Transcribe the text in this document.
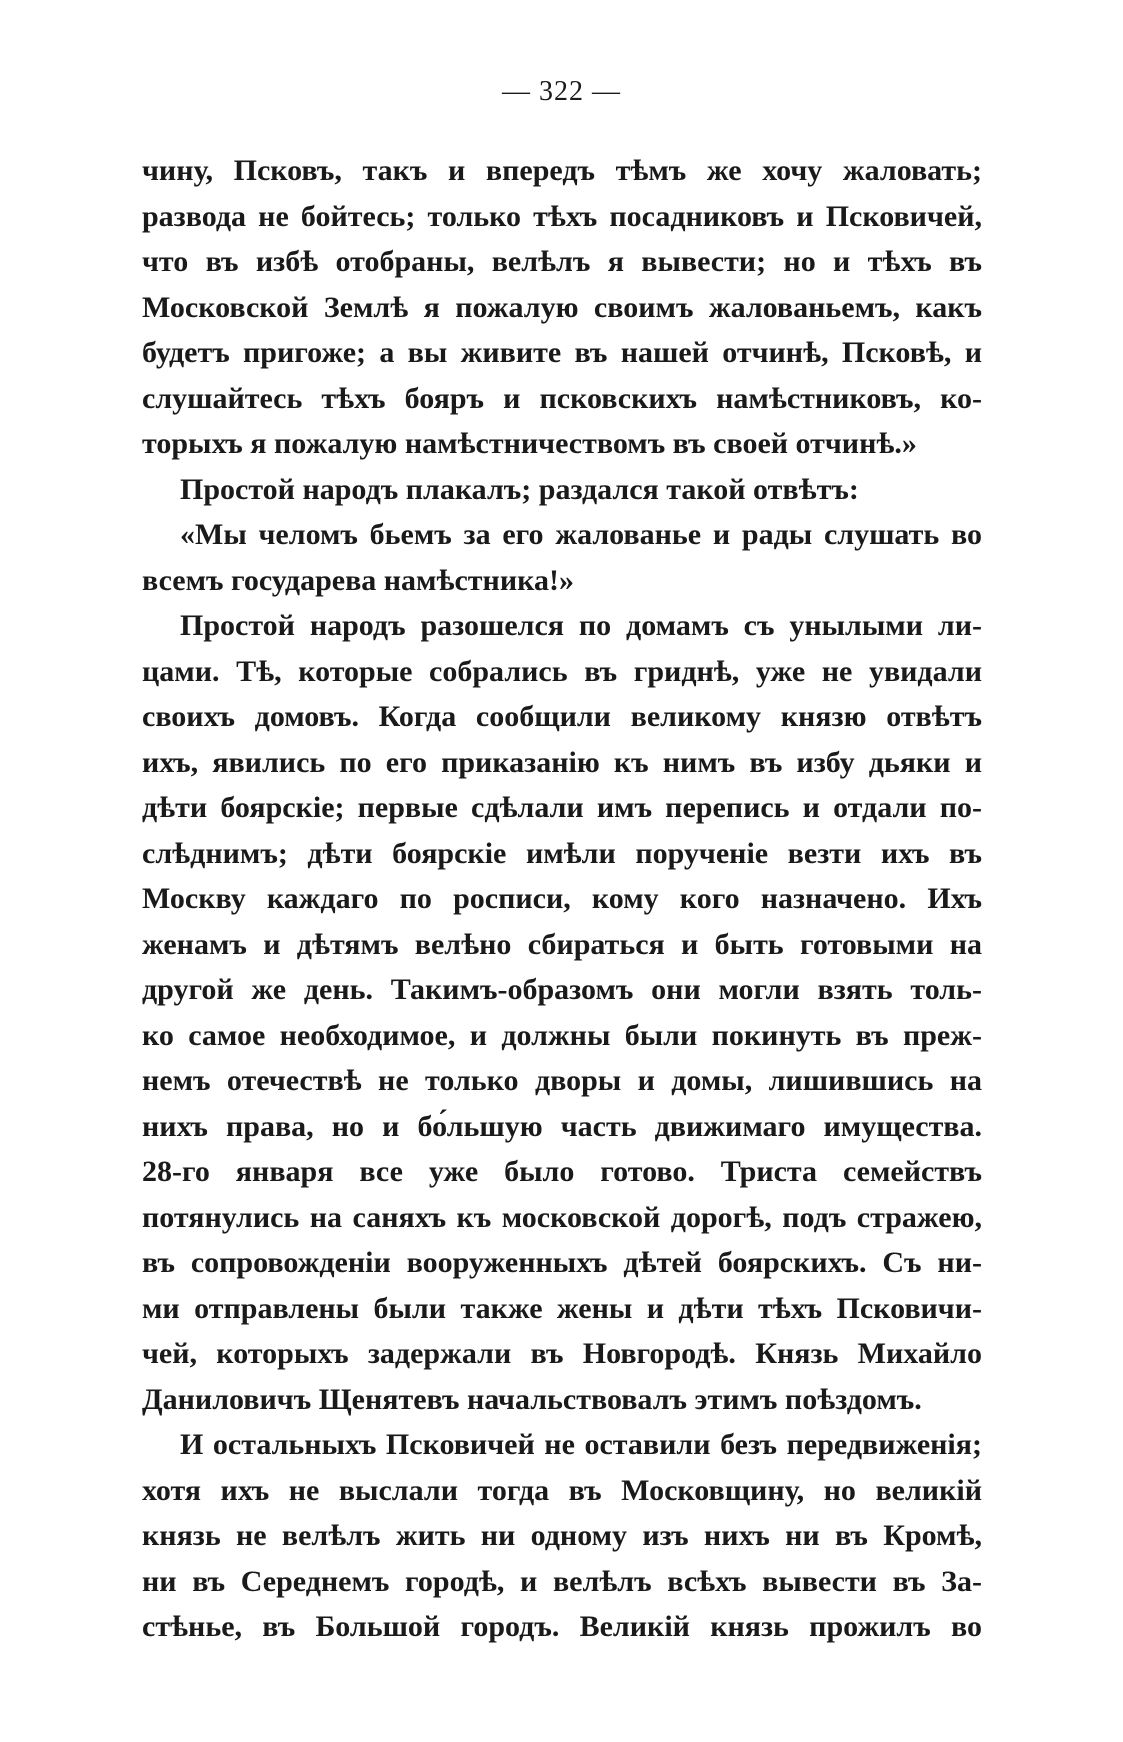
— 322 —
чину, Псковъ, такъ и впередъ тѣмъ же хочу жаловать;
развода не бойтесь; только тѣхъ посадниковъ и Псковичей,
что въ избѣ отобраны, велѣлъ я вывести; но и тѣхъ въ
Московской Землѣ я пожалую своимъ жалованьемъ, какъ
будетъ пригоже; а вы живите въ нашей отчинѣ, Псковѣ, и
слушайтесь тѣхъ бояръ и псковскихъ намѣстниковъ, ко-
торыхъ я пожалую намѣстничествомъ въ своей отчинѣ.»
Простой народъ плакалъ; раздался такой отвѣтъ:
«Мы челомъ бьемъ за его жалованье и рады слушать во
всемъ государева намѣстника!»
Простой народъ разошелся по домамъ съ унылыми ли-
цами. Тѣ, которые собрались въ гриднѣ, уже не увидали
своихъ домовъ. Когда сообщили великому князю отвѣтъ
ихъ, явились по его приказанію къ нимъ въ избу дьяки и
дѣти боярскіе; первые сдѣлали имъ перепись и отдали по-
слѣднимъ; дѣти боярскіе имѣли порученіе везти ихъ въ
Москву каждаго по росписи, кому кого назначено. Ихъ
женамъ и дѣтямъ велѣно сбираться и быть готовыми на
другой же день. Такимъ-образомъ они могли взять толь-
ко самое необходимое, и должны были покинуть въ преж-
немъ отечествѣ не только дворы и домы, лишившись на
нихъ права, но и бо́льшую часть движимаго имущества.
28-го января все уже было готово. Триста семействъ
потянулись на саняхъ къ московской дорогѣ, подъ стражею,
въ сопровожденіи вооруженныхъ дѣтей боярскихъ. Съ ни-
ми отправлены были также жены и дѣти тѣхъ Псковичи-
чей, которыхъ задержали въ Новгородѣ. Князь Михайло
Даниловичъ Щенятевъ начальствовалъ этимъ поѣздомъ.
И остальныхъ Псковичей не оставили безъ передвиженія;
хотя ихъ не выслали тогда въ Московщину, но великій
князь не велѣлъ жить ни одному изъ нихъ ни въ Кромѣ,
ни въ Середнемъ городѣ, и велѣлъ всѣхъ вывести въ За-
стѣнье, въ Большой городъ. Великій князь прожилъ во
